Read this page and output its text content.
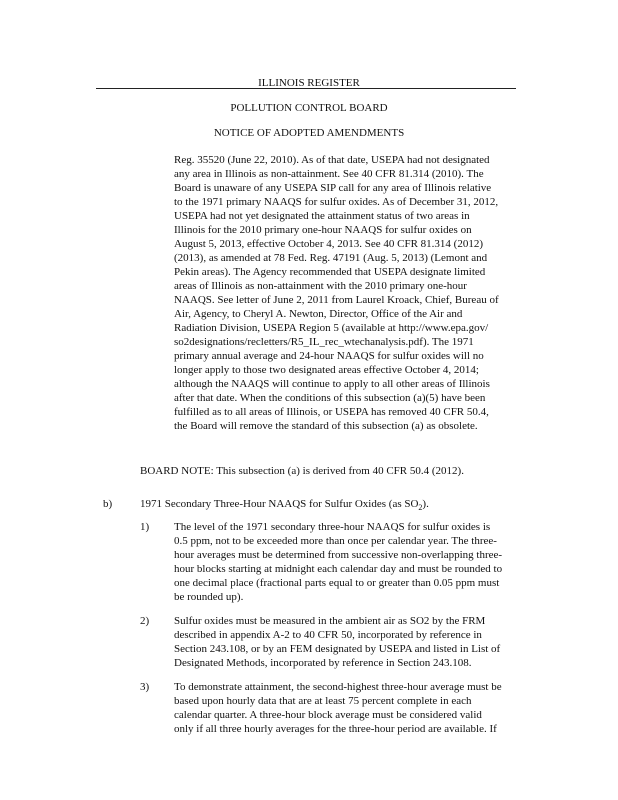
ILLINOIS REGISTER
POLLUTION CONTROL BOARD
NOTICE OF ADOPTED AMENDMENTS
Reg. 35520 (June 22, 2010). As of that date, USEPA had not designated
any area in Illinois as non-attainment. See 40 CFR 81.314 (2010). The
Board is unaware of any USEPA SIP call for any area of Illinois relative
to the 1971 primary NAAQS for sulfur oxides. As of December 31, 2012,
USEPA had not yet designated the attainment status of two areas in
Illinois for the 2010 primary one-hour NAAQS for sulfur oxides on
August 5, 2013, effective October 4, 2013. See 40 CFR 81.314 (2012)
(2013), as amended at 78 Fed. Reg. 47191 (Aug. 5, 2013) (Lemont and
Pekin areas). The Agency recommended that USEPA designate limited
areas of Illinois as non-attainment with the 2010 primary one-hour
NAAQS. See letter of June 2, 2011 from Laurel Kroack, Chief, Bureau of
Air, Agency, to Cheryl A. Newton, Director, Office of the Air and
Radiation Division, USEPA Region 5 (available at http://www.epa.gov/
so2designations/recletters/R5_IL_rec_wtechanalysis.pdf). The 1971
primary annual average and 24-hour NAAQS for sulfur oxides will no
longer apply to those two designated areas effective October 4, 2014;
although the NAAQS will continue to apply to all other areas of Illinois
after that date. When the conditions of this subsection (a)(5) have been
fulfilled as to all areas of Illinois, or USEPA has removed 40 CFR 50.4,
the Board will remove the standard of this subsection (a) as obsolete.
BOARD NOTE: This subsection (a) is derived from 40 CFR 50.4 (2012).
b)	1971 Secondary Three-Hour NAAQS for Sulfur Oxides (as $SO_2$).
1) The level of the 1971 secondary three-hour NAAQS for sulfur oxides is
0.5 ppm, not to be exceeded more than once per calendar year. The three-
hour averages must be determined from successive non-overlapping three-
hour blocks starting at midnight each calendar day and must be rounded to
one decimal place (fractional parts equal to or greater than 0.05 ppm must
be rounded up).
2) Sulfur oxides must be measured in the ambient air as SO2 by the FRM
described in appendix A-2 to 40 CFR 50, incorporated by reference in
Section 243.108, or by an FEM designated by USEPA and listed in List of
Designated Methods, incorporated by reference in Section 243.108.
3) To demonstrate attainment, the second-highest three-hour average must be
based upon hourly data that are at least 75 percent complete in each
calendar quarter. A three-hour block average must be considered valid
only if all three hourly averages for the three-hour period are available. If
